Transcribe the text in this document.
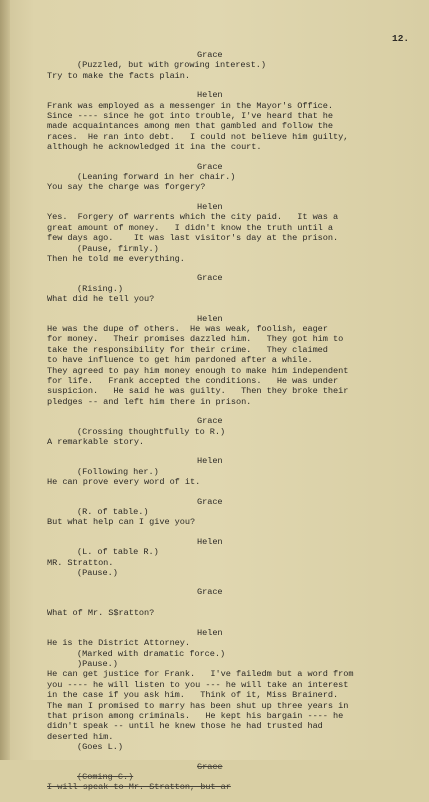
12.
Grace
(Puzzled, but with growing interest.)
Try to make the facts plain.
Helen
Frank was employed as a messenger in the Mayor's Office.
Since ---- since he got into trouble, I've heard that he
made acquaintances among men that gambled and follow the
races.  He ran into debt.   I could not believe him guilty,
although he acknowledged it ina the court.
Grace
(Leaning forward in her chair.)
You say the charge was forgery?
Helen
Yes.  Forgery of warrents which the city paid.   It was a
great amount of money.   I didn't know the truth until a
few days ago.    It was last visitor's day at the prison.
(Pause, firmly.)
Then he told me everything.
Grace
(Rising.)
What did he tell you?
Helen
He was the dupe of others.  He was weak, foolish, eager
for money.   Their promises dazzled him.   They got him to
take the responsibility for their crime.   They claimed
to have influence to get him pardoned after a while.
They agreed to pay him money enough to make him independent
for life.   Frank accepted the conditions.   He was under
suspicion.   He said he was guilty.   Then they broke their
pledges -- and left him there in prison.
Grace
(Crossing thoughtfully to R.)
A remarkable story.
Helen
(Following her.)
He can prove every word of it.
Grace
(R. of table.)
But what help can I give you?
Helen
(L. of table R.)
MR. Stratton.
(Pause.)
Grace

What of Mr. S$ratton?
Helen
He is the District Attorney.
(Marked with dramatic force.)
)Pause.)
He can get justice for Frank.   I've failedm but a word from
you ---- he will listen to you --- he will take an interest
in the case if you ask him.   Think of it, Miss Brainerd.
The man I promised to marry has been shut up three years in
that prison among criminals.   He kept his bargain ---- he
didn't speak -- until he knew those he had trusted had
deserted him.
(Goes L.)
Grace
(Coming C.)
I will speak to Mr. Stratton, but ar
